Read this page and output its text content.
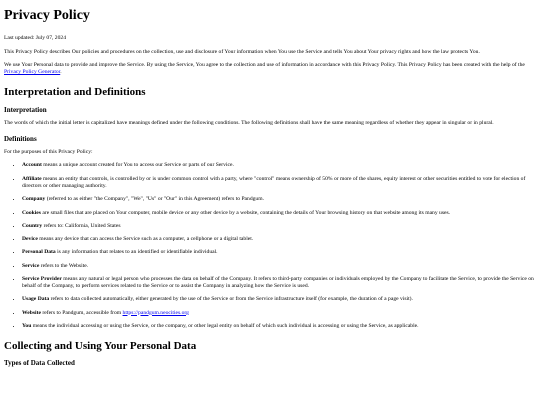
Privacy Policy

Last updated: July 07, 2024

This Privacy Policy describes Our policies and procedures on the collection, use and disclosure of Your information when You use the Service and tells You about Your privacy rights and how the law protects You.

We use Your Personal data to provide and improve the Service. By using the Service, You agree to the collection and use of information in accordance with this Privacy Policy. This Privacy Policy has been created with the help of the Privacy Policy Generator.

Interpretation and Definitions
Interpretation

The words of which the initial letter is capitalized have meanings defined under the following conditions. The following definitions shall have the same meaning regardless of whether they appear in singular or in plural.

Definitions

For the purposes of this Privacy Policy:

• Account means a unique account created for You to access our Service or parts of our Service.
• Affiliate means an entity that controls, is controlled by or is under common control with a party, where "control" means ownership of 50% or more of the shares, equity interest or other securities entitled to vote for election of directors or other managing authority.
• Company (referred to as either "the Company", "We", "Us" or "Our" in this Agreement) refers to Pandgum.
• Cookies are small files that are placed on Your computer, mobile device or any other device by a website, containing the details of Your browsing history on that website among its many uses.
• Country refers to: California, United States
• Device means any device that can access the Service such as a computer, a cellphone or a digital tablet.
• Personal Data is any information that relates to an identified or identifiable individual.
• Service refers to the Website.
• Service Provider means any natural or legal person who processes the data on behalf of the Company. It refers to third-party companies or individuals employed by the Company to facilitate the Service, to provide the Service on behalf of the Company, to perform services related to the Service or to assist the Company in analyzing how the Service is used.
• Usage Data refers to data collected automatically, either generated by the use of the Service or from the Service infrastructure itself (for example, the duration of a page visit).
• Website refers to Pandgum, accessible from https://pandgum.neocities.org
• You means the individual accessing or using the Service, or the company, or other legal entity on behalf of which such individual is accessing or using the Service, as applicable.
Collecting and Using Your Personal Data
Types of Data Collected
